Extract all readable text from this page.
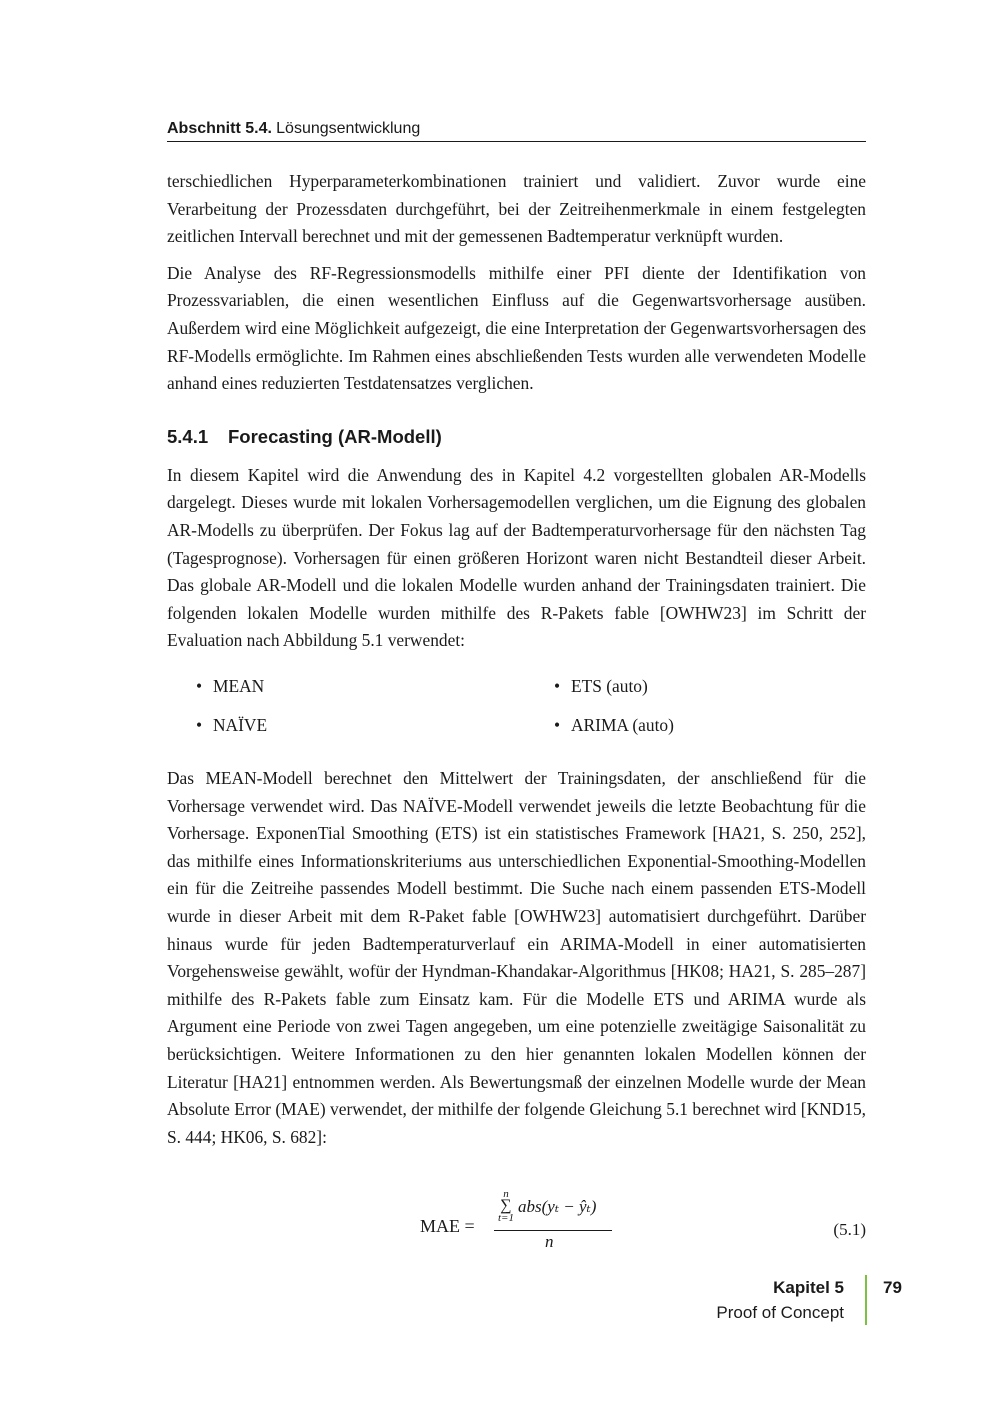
Abschnitt 5.4. Lösungsentwicklung

terschiedlichen Hyperparameterkombinationen trainiert und validiert. Zuvor wurde eine Verarbeitung der Prozessdaten durchgeführt, bei der Zeitreihenmerkmale in einem festgelegten zeitlichen Intervall berechnet und mit der gemessenen Badtemperatur verknüpft wurden.

Die Analyse des RF-Regressionsmodells mithilfe einer PFI diente der Identifikation von Prozessvariablen, die einen wesentlichen Einfluss auf die Gegenwartsvorhersage ausüben. Außerdem wird eine Möglichkeit aufgezeigt, die eine Interpretation der Gegenwartsvorhersagen des RF-Modells ermöglichte. Im Rahmen eines abschließenden Tests wurden alle verwendeten Modelle anhand eines reduzierten Testdatensatzes verglichen.

5.4.1 Forecasting (AR-Modell)

In diesem Kapitel wird die Anwendung des in Kapitel 4.2 vorgestellten globalen AR-Modells dargelegt. Dieses wurde mit lokalen Vorhersagemodellen verglichen, um die Eignung des globalen AR-Modells zu überprüfen. Der Fokus lag auf der Badtemperaturvorhersage für den nächsten Tag (Tagesprognose). Vorhersagen für einen größeren Horizont waren nicht Bestandteil dieser Arbeit. Das globale AR-Modell und die lokalen Modelle wurden anhand der Trainingsdaten trainiert. Die folgenden lokalen Modelle wurden mithilfe des R-Pakets fable [OWHW23] im Schritt der Evaluation nach Abbildung 5.1 verwendet:

• MEAN	• ETS (auto)
• NAÏVE	• ARIMA (auto)

Das MEAN-Modell berechnet den Mittelwert der Trainingsdaten, der anschließend für die Vorhersage verwendet wird. Das NAÏVE-Modell verwendet jeweils die letzte Beobachtung für die Vorhersage. ExponenTial Smoothing (ETS) ist ein statistisches Framework [HA21, S. 250, 252], das mithilfe eines Informationskriteriums aus unterschiedlichen Exponential-Smoothing-Modellen ein für die Zeitreihe passendes Modell bestimmt. Die Suche nach einem passenden ETS-Modell wurde in dieser Arbeit mit dem R-Paket fable [OWHW23] automatisiert durchgeführt. Darüber hinaus wurde für jeden Badtemperaturverlauf ein ARIMA-Modell in einer automatisierten Vorgehensweise gewählt, wofür der Hyndman-Khandakar-Algorithmus [HK08; HA21, S. 285–287] mithilfe des R-Pakets fable zum Einsatz kam. Für die Modelle ETS und ARIMA wurde als Argument eine Periode von zwei Tagen angegeben, um eine potenzielle zweitägige Saisonalität zu berücksichtigen. Weitere Informationen zu den hier genannten lokalen Modellen können der Literatur [HA21] entnommen werden. Als Bewertungsmaß der einzelnen Modelle wurde der Mean Absolute Error (MAE) verwendet, der mithilfe der folgende Gleichung 5.1 berechnet wird [KND15, S. 444; HK06, S. 682]:

MAE =
n
∑
t=1
abs(yₜ − ŷₜ)
n
(5.1)
Kapitel 5
Proof of Concept
79
